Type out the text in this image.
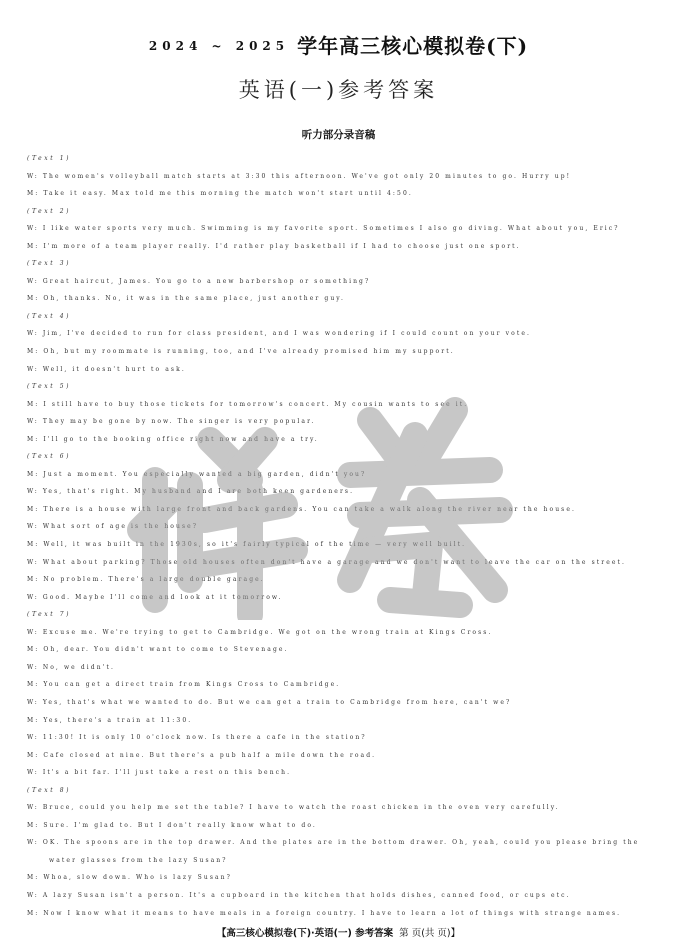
2024 ~ 2025 学年高三核心模拟卷(下)
英语(一)参考答案
听力部分录音稿
(Text 1)
W: The women's volleyball match starts at 3:30 this afternoon. We've got only 20 minutes to go. Hurry up!
M: Take it easy. Max told me this morning the match won't start until 4:50.
(Text 2)
W: I like water sports very much. Swimming is my favorite sport. Sometimes I also go diving. What about you, Eric?
M: I'm more of a team player really. I'd rather play basketball if I had to choose just one sport.
(Text 3)
W: Great haircut, James. You go to a new barbershop or something?
M: Oh, thanks. No, it was in the same place, just another guy.
(Text 4)
W: Jim, I've decided to run for class president, and I was wondering if I could count on your vote.
M: Oh, but my roommate is running, too, and I've already promised him my support.
W: Well, it doesn't hurt to ask.
(Text 5)
M: I still have to buy those tickets for tomorrow's concert. My cousin wants to see it.
W: They may be gone by now. The singer is very popular.
M: I'll go to the booking office right now and have a try.
(Text 6)
M: Just a moment. You especially wanted a big garden, didn't you?
W: Yes, that's right. My husband and I are both keen gardeners.
M: There is a house with large front and back gardens. You can take a walk along the river near the house.
W: What sort of age is the house?
M: Well, it was built in the 1930s, so it's fairly typical of the time — very well built.
W: What about parking? Those old houses often don't have a garage and we don't want to leave the car on the street.
M: No problem. There's a large double garage.
W: Good. Maybe I'll come and look at it tomorrow.
(Text 7)
W: Excuse me. We're trying to get to Cambridge. We got on the wrong train at Kings Cross.
M: Oh, dear. You didn't want to come to Stevenage.
W: No, we didn't.
M: You can get a direct train from Kings Cross to Cambridge.
W: Yes, that's what we wanted to do. But we can get a train to Cambridge from here, can't we?
M: Yes, there's a train at 11:30.
W: 11:30! It is only 10 o'clock now. Is there a cafe in the station?
M: Cafe closed at nine. But there's a pub half a mile down the road.
W: It's a bit far. I'll just take a rest on this bench.
(Text 8)
W: Bruce, could you help me set the table? I have to watch the roast chicken in the oven very carefully.
M: Sure. I'm glad to. But I don't really know what to do.
W: OK. The spoons are in the top drawer. And the plates are in the bottom drawer. Oh, yeah, could you please bring the
water glasses from the lazy Susan?
M: Whoa, slow down. Who is lazy Susan?
W: A lazy Susan isn't a person. It's a cupboard in the kitchen that holds dishes, canned food, or cups etc.
M: Now I know what it means to have meals in a foreign country. I have to learn a lot of things with strange names.
【高三核心模拟卷(下)·英语(一) 参考答案 第 页(共 页)】
